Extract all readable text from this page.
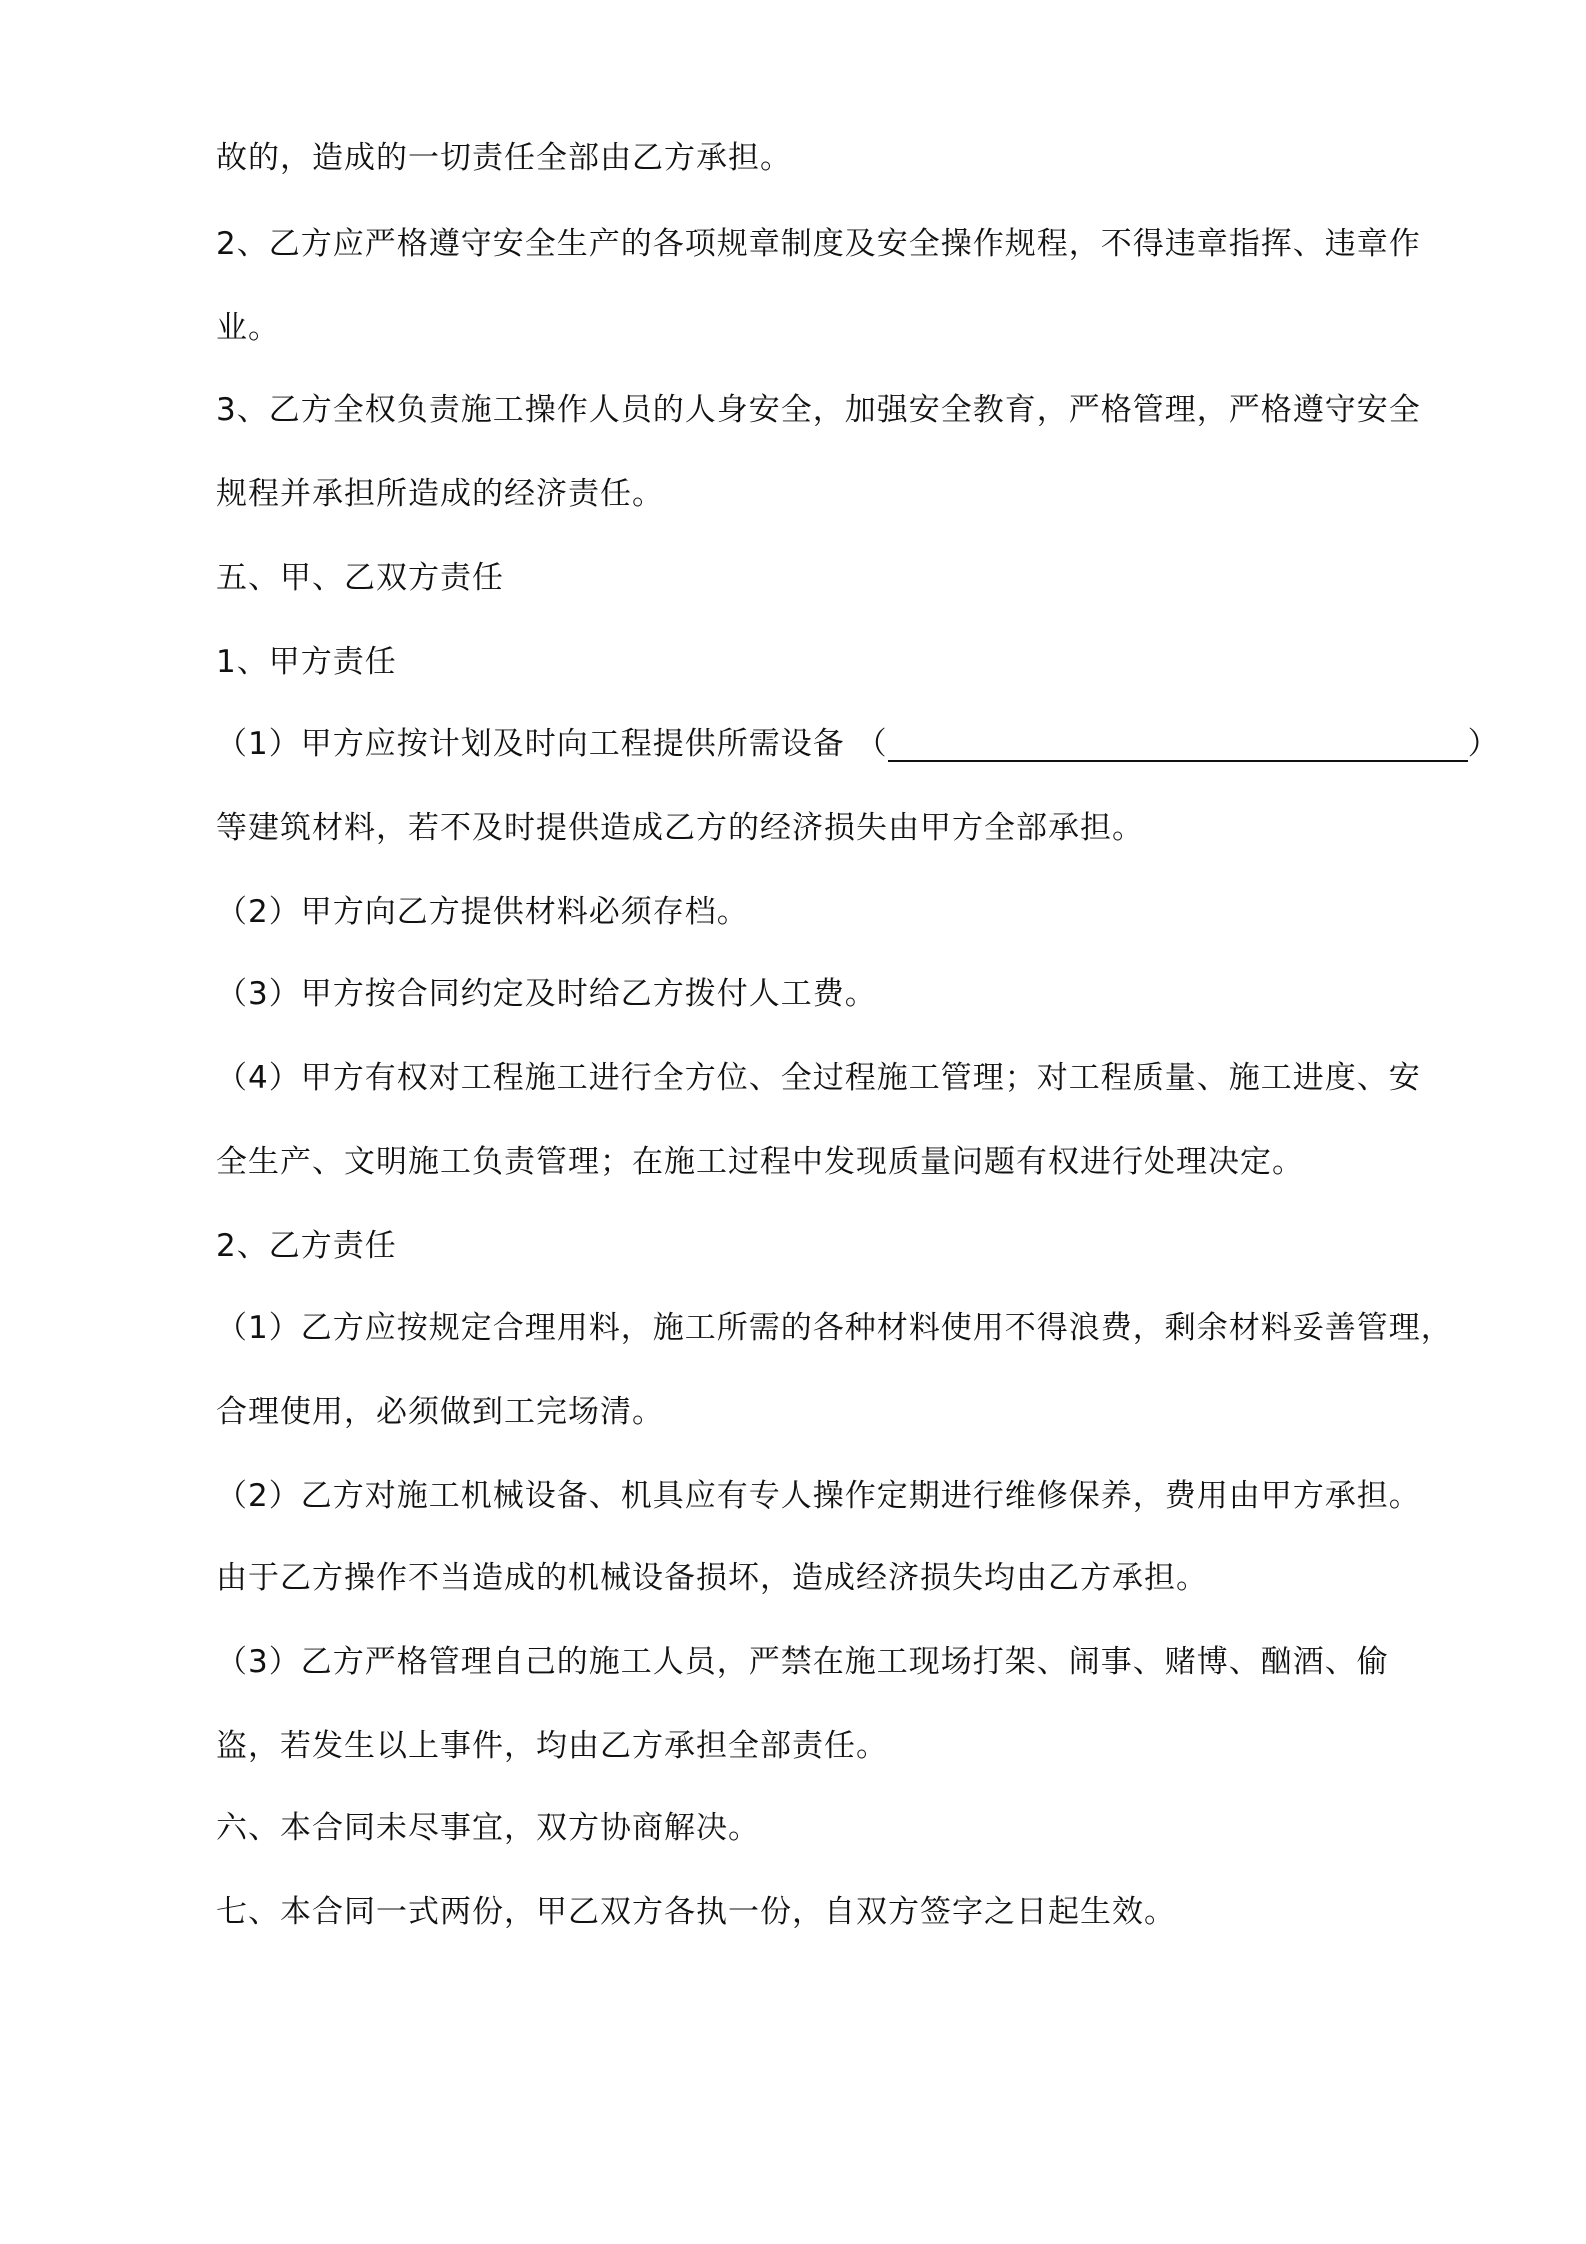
故的，造成的一切责任全部由乙方承担。
2、乙方应严格遵守安全生产的各项规章制度及安全操作规程，不得违章指挥、违章作
业。
3、乙方全权负责施工操作人员的人身安全，加强安全教育，严格管理，严格遵守安全
规程并承担所造成的经济责任。
五、甲、乙双方责任
1、甲方责任
（1）甲方应按计划及时向工程提供所需设备 （	）
等建筑材料，若不及时提供造成乙方的经济损失由甲方全部承担。
（2）甲方向乙方提供材料必须存档。
（3）甲方按合同约定及时给乙方拨付人工费。
（4）甲方有权对工程施工进行全方位、全过程施工管理；对工程质量、施工进度、安
全生产、文明施工负责管理；在施工过程中发现质量问题有权进行处理决定。
2、乙方责任
（1）乙方应按规定合理用料，施工所需的各种材料使用不得浪费，剩余材料妥善管理，
合理使用，必须做到工完场清。
（2）乙方对施工机械设备、机具应有专人操作定期进行维修保养，费用由甲方承担。
由于乙方操作不当造成的机械设备损坏，造成经济损失均由乙方承担。
（3）乙方严格管理自己的施工人员，严禁在施工现场打架、闹事、赌博、酗酒、偷
盗，若发生以上事件，均由乙方承担全部责任。
六、本合同未尽事宜，双方协商解决。
七、本合同一式两份，甲乙双方各执一份，自双方签字之日起生效。
